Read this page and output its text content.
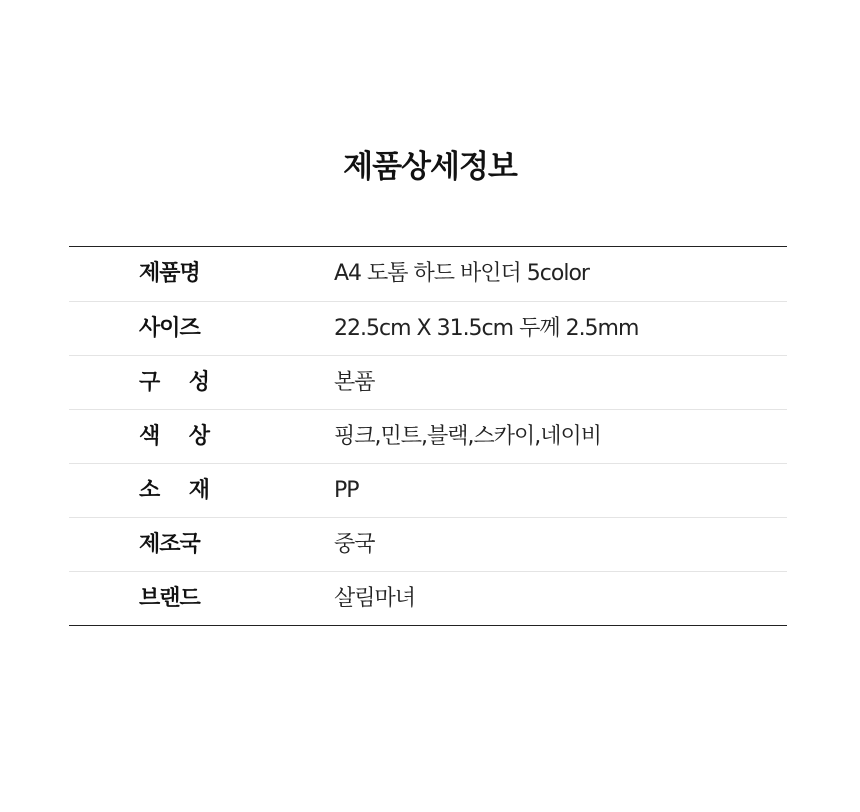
제품상세정보
제품명	A4 도톰 하드 바인더 5color
사이즈	22.5cm X 31.5cm 두께 2.5mm
구 성	본품
색 상	핑크,민트,블랙,스카이,네이비
소 재	PP
제조국	중국
브랜드	살림마녀
